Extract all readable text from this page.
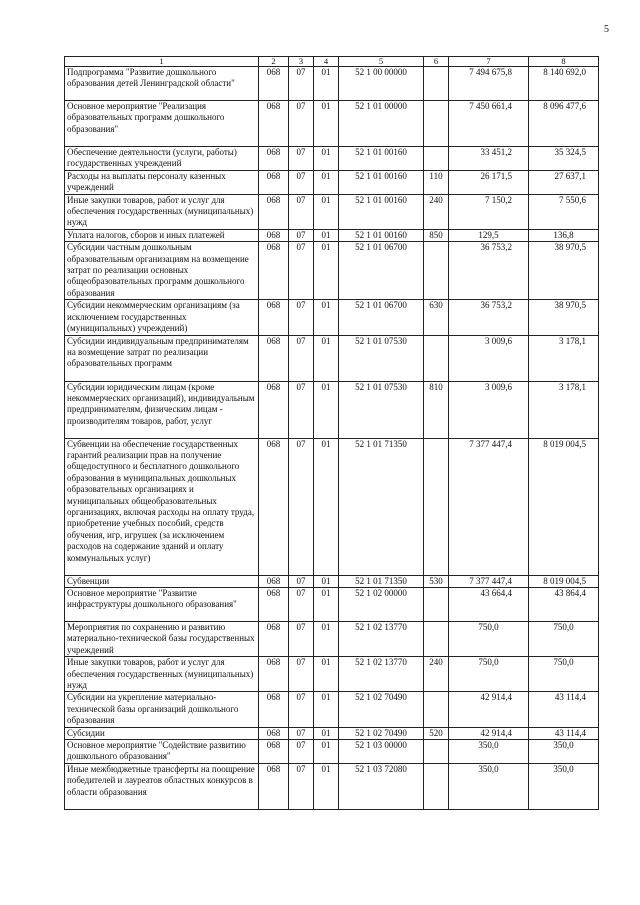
5
1	2	3	4	5	6	7	8
Подпрограмма "Развитие дошкольного образования детей Ленинградской области"	068	07	01	52 1 00 00000		7 494 675,8	8 140 692,0
Основное мероприятие "Реализация образовательных программ дошкольного образования"	068	07	01	52 1 01 00000		7 450 661,4	8 096 477,6
Обеспечение деятельности (услуги, работы) государственных учреждений	068	07	01	52 1 01 00160		33 451,2	35 324,5
Расходы на выплаты персоналу казенных учреждений	068	07	01	52 1 01 00160	110	26 171,5	27 637,1
Иные закупки товаров, работ и услуг для обеспечения государственных (муниципальных) нужд	068	07	01	52 1 01 00160	240	7 150,2	7 550,6
Уплата налогов, сборов и иных платежей	068	07	01	52 1 01 00160	850	129,5	136,8
Субсидии частным дошкольным образовательным организациям на возмещение затрат по реализации основных общеобразовательных программ дошкольного образования	068	07	01	52 1 01 06700		36 753,2	38 970,5
Субсидии некоммерческим организациям (за исключением государственных (муниципальных) учреждений)	068	07	01	52 1 01 06700	630	36 753,2	38 970,5
Субсидии индивидуальным предпринимателям на возмещение затрат по реализации образовательных программ	068	07	01	52 1 01 07530		3 009,6	3 178,1
Субсидии юридическим лицам (кроме некоммерческих организаций), индивидуальным предпринимателям, физическим лицам - производителям товаров, работ, услуг	068	07	01	52 1 01 07530	810	3 009,6	3 178,1
Субвенции на обеспечение государственных гарантий реализации прав на получение общедоступного и бесплатного дошкольного образования в муниципальных дошкольных образовательных организациях и муниципальных общеобразовательных организациях, включая расходы на оплату труда, приобретение учебных пособий, средств обучения, игр, игрушек (за исключением расходов на содержание зданий и оплату коммунальных услуг)	068	07	01	52 1 01 71350		7 377 447,4	8 019 004,5
Субвенции	068	07	01	52 1 01 71350	530	7 377 447,4	8 019 004,5
Основное мероприятие "Развитие инфраструктуры дошкольного образования"	068	07	01	52 1 02 00000		43 664,4	43 864,4
Мероприятия по сохранению и развитию материально-технической базы государственных учреждений	068	07	01	52 1 02 13770		750,0	750,0
Иные закупки товаров, работ и услуг для обеспечения государственных (муниципальных) нужд	068	07	01	52 1 02 13770	240	750,0	750,0
Субсидии на укрепление материально-технической базы организаций дошкольного образования	068	07	01	52 1 02 70490		42 914,4	43 114,4
Субсидии	068	07	01	52 1 02 70490	520	42 914,4	43 114,4
Основное мероприятие "Содействие развитию дошкольного образования"	068	07	01	52 1 03 00000		350,0	350,0
Иные межбюджетные трансферты на поощрение победителей и лауреатов областных конкурсов в области образования	068	07	01	52 1 03 72080		350,0	350,0
